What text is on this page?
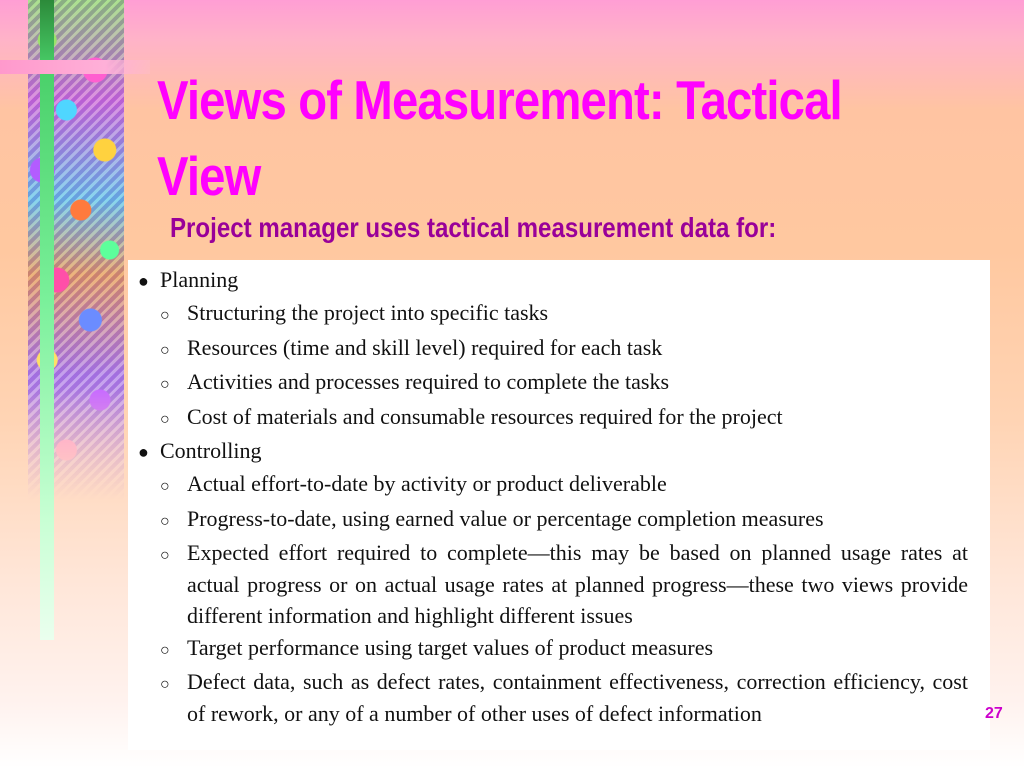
Views of Measurement: Tactical View
Project manager uses tactical measurement data for:
● Planning
○ Structuring the project into specific tasks
○ Resources (time and skill level) required for each task
○ Activities and processes required to complete the tasks
○ Cost of materials and consumable resources required for the project
● Controlling
○ Actual effort-to-date by activity or product deliverable
○ Progress-to-date, using earned value or percentage completion measures
○ Expected effort required to complete—this may be based on planned usage rates at actual progress or on actual usage rates at planned progress—these two views provide different information and highlight different issues
○ Target performance using target values of product measures
○ Defect data, such as defect rates, containment effectiveness, correction efficiency, cost of rework, or any of a number of other uses of defect information	27
